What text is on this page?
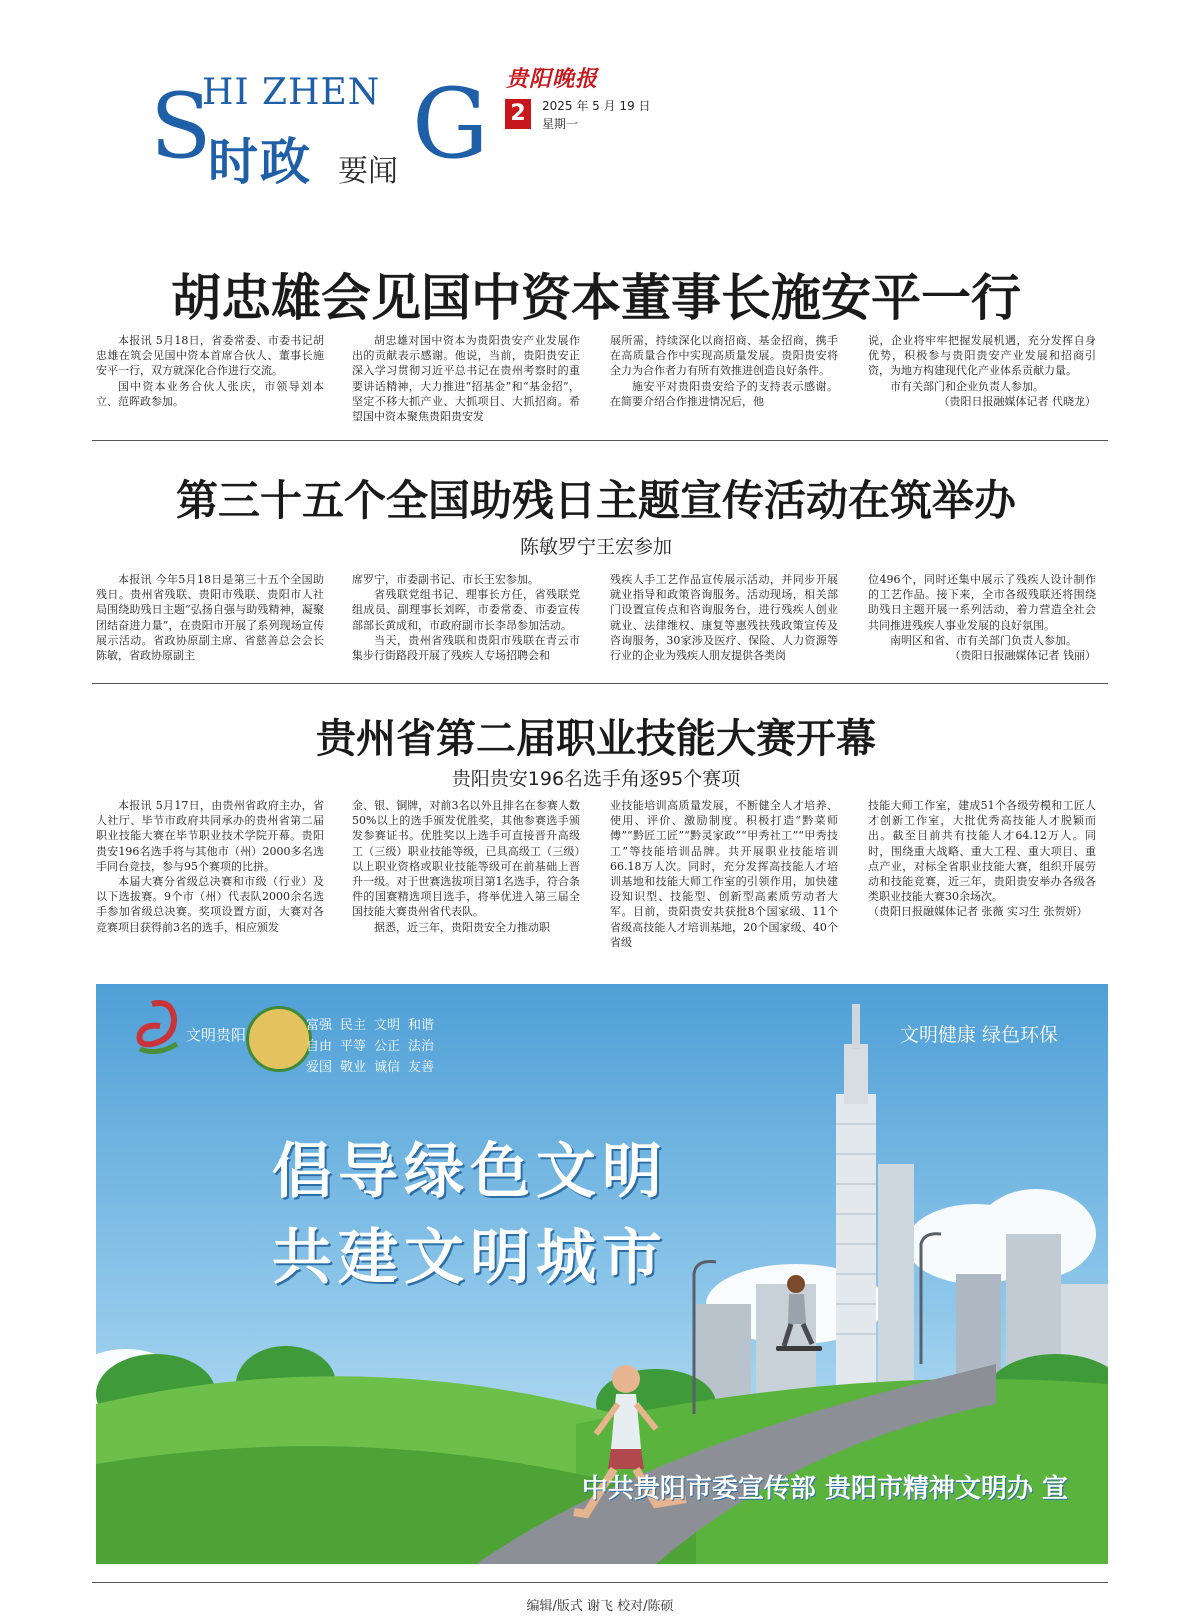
S
HI ZHEN G
时政 要闻
贵阳晚报
2	2025 年 5 月 19 日
星期一
胡忠雄会见国中资本董事长施安平一行

本报讯 5月18日，省委常委、市委书记胡忠雄在筑会见国中资本首席合伙人、董事长施安平一行，双方就深化合作进行交流。

国中资本业务合伙人张庆，市领导刘本立、范晖政参加。

胡忠雄对国中资本为贵阳贵安产业发展作出的贡献表示感谢。他说，当前，贵阳贵安正深入学习贯彻习近平总书记在贵州考察时的重要讲话精神，大力推进“招基金”和“基金招”，坚定不移大抓产业、大抓项目、大抓招商。希望国中资本聚焦贵阳贵安发

展所需，持续深化以商招商、基金招商，携手在高质量合作中实现高质量发展。贵阳贵安将全力为合作者力有所有效推进创造良好条件。

施安平对贵阳贵安给予的支持表示感谢。在简要介绍合作推进情况后，他

说，企业将牢牢把握发展机遇，充分发挥自身优势，积极参与贵阳贵安产业发展和招商引资，为地方构建现代化产业体系贡献力量。

市有关部门和企业负责人参加。

（贵阳日报融媒体记者 代晓龙）

第三十五个全国助残日主题宣传活动在筑举办
陈敏罗宁王宏参加

本报讯 今年5月18日是第三十五个全国助残日。贵州省残联、贵阳市残联、贵阳市人社局围绕助残日主题“弘扬自强与助残精神，凝聚团结奋进力量”，在贵阳市开展了系列现场宣传展示活动。省政协原副主席、省慈善总会会长陈敏，省政协原副主

席罗宁，市委副书记、市长王宏参加。

省残联党组书记、理事长方任，省残联党组成员、副理事长刘晖，市委常委、市委宣传部部长黄成和，市政府副市长李昂参加活动。

当天，贵州省残联和贵阳市残联在青云市集步行街路段开展了残疾人专场招聘会和

残疾人手工艺作品宣传展示活动，并同步开展就业指导和政策咨询服务。活动现场，相关部门设置宣传点和咨询服务台，进行残疾人创业就业、法律维权、康复等惠残扶残政策宣传及咨询服务，30家涉及医疗、保险、人力资源等行业的企业为残疾人朋友提供各类岗

位496个，同时还集中展示了残疾人设计制作的工艺作品。接下来，全市各级残联还将围绕助残日主题开展一系列活动，着力营造全社会共同推进残疾人事业发展的良好氛围。

南明区和省、市有关部门负责人参加。

（贵阳日报融媒体记者 钱丽）

贵州省第二届职业技能大赛开幕
贵阳贵安196名选手角逐95个赛项

本报讯 5月17日，由贵州省政府主办，省人社厅、毕节市政府共同承办的贵州省第二届职业技能大赛在毕节职业技术学院开幕。贵阳贵安196名选手将与其他市（州）2000多名选手同台竞技，参与95个赛项的比拼。

本届大赛分省级总决赛和市级（行业）及以下选拔赛。9个市（州）代表队2000余名选手参加省级总决赛。奖项设置方面，大赛对各竞赛项目获得前3名的选手，相应颁发

金、银、铜牌，对前3名以外且排名在参赛人数50%以上的选手颁发优胜奖，其他参赛选手颁发参赛证书。优胜奖以上选手可直接晋升高级工（三级）职业技能等级，已具高级工（三级）以上职业资格或职业技能等级可在前基础上晋升一级。对于世赛选拔项目第1名选手，符合条件的国赛精选项目选手，将举优进入第三届全国技能大赛贵州省代表队。

据悉，近三年，贵阳贵安全力推动职

业技能培训高质量发展，不断健全人才培养、使用、评价、激励制度。积极打造“黔菜师傅”“黔匠工匠”“黔灵家政”“甲秀社工”“甲秀技工”等技能培训品牌。共开展职业技能培训66.18万人次。同时，充分发挥高技能人才培训基地和技能大师工作室的引领作用，加快建设知识型、技能型、创新型高素质劳动者大军。目前，贵阳贵安共获批8个国家级、11个省级高技能人才培训基地，20个国家级、40个省级

技能大师工作室，建成51个各级劳模和工匠人才创新工作室，大批优秀高技能人才脱颖而出。截至目前共有技能人才64.12万人。同时，围绕重大战略、重大工程、重大项目、重点产业，对标全省职业技能大赛，组织开展劳动和技能竞赛，近三年，贵阳贵安举办各级各类职业技能大赛30余场次。

（贵阳日报融媒体记者 张薇 实习生 张贺妍）

文明贵阳
富强 民主 文明 和谐
自由 平等 公正 法治
爱国 敬业 诚信 友善
文明健康 绿色环保
倡导绿色文明
共建文明城市
中共贵阳市委宣传部 贵阳市精神文明办 宣
编辑/版式 谢飞 校对/陈硕
